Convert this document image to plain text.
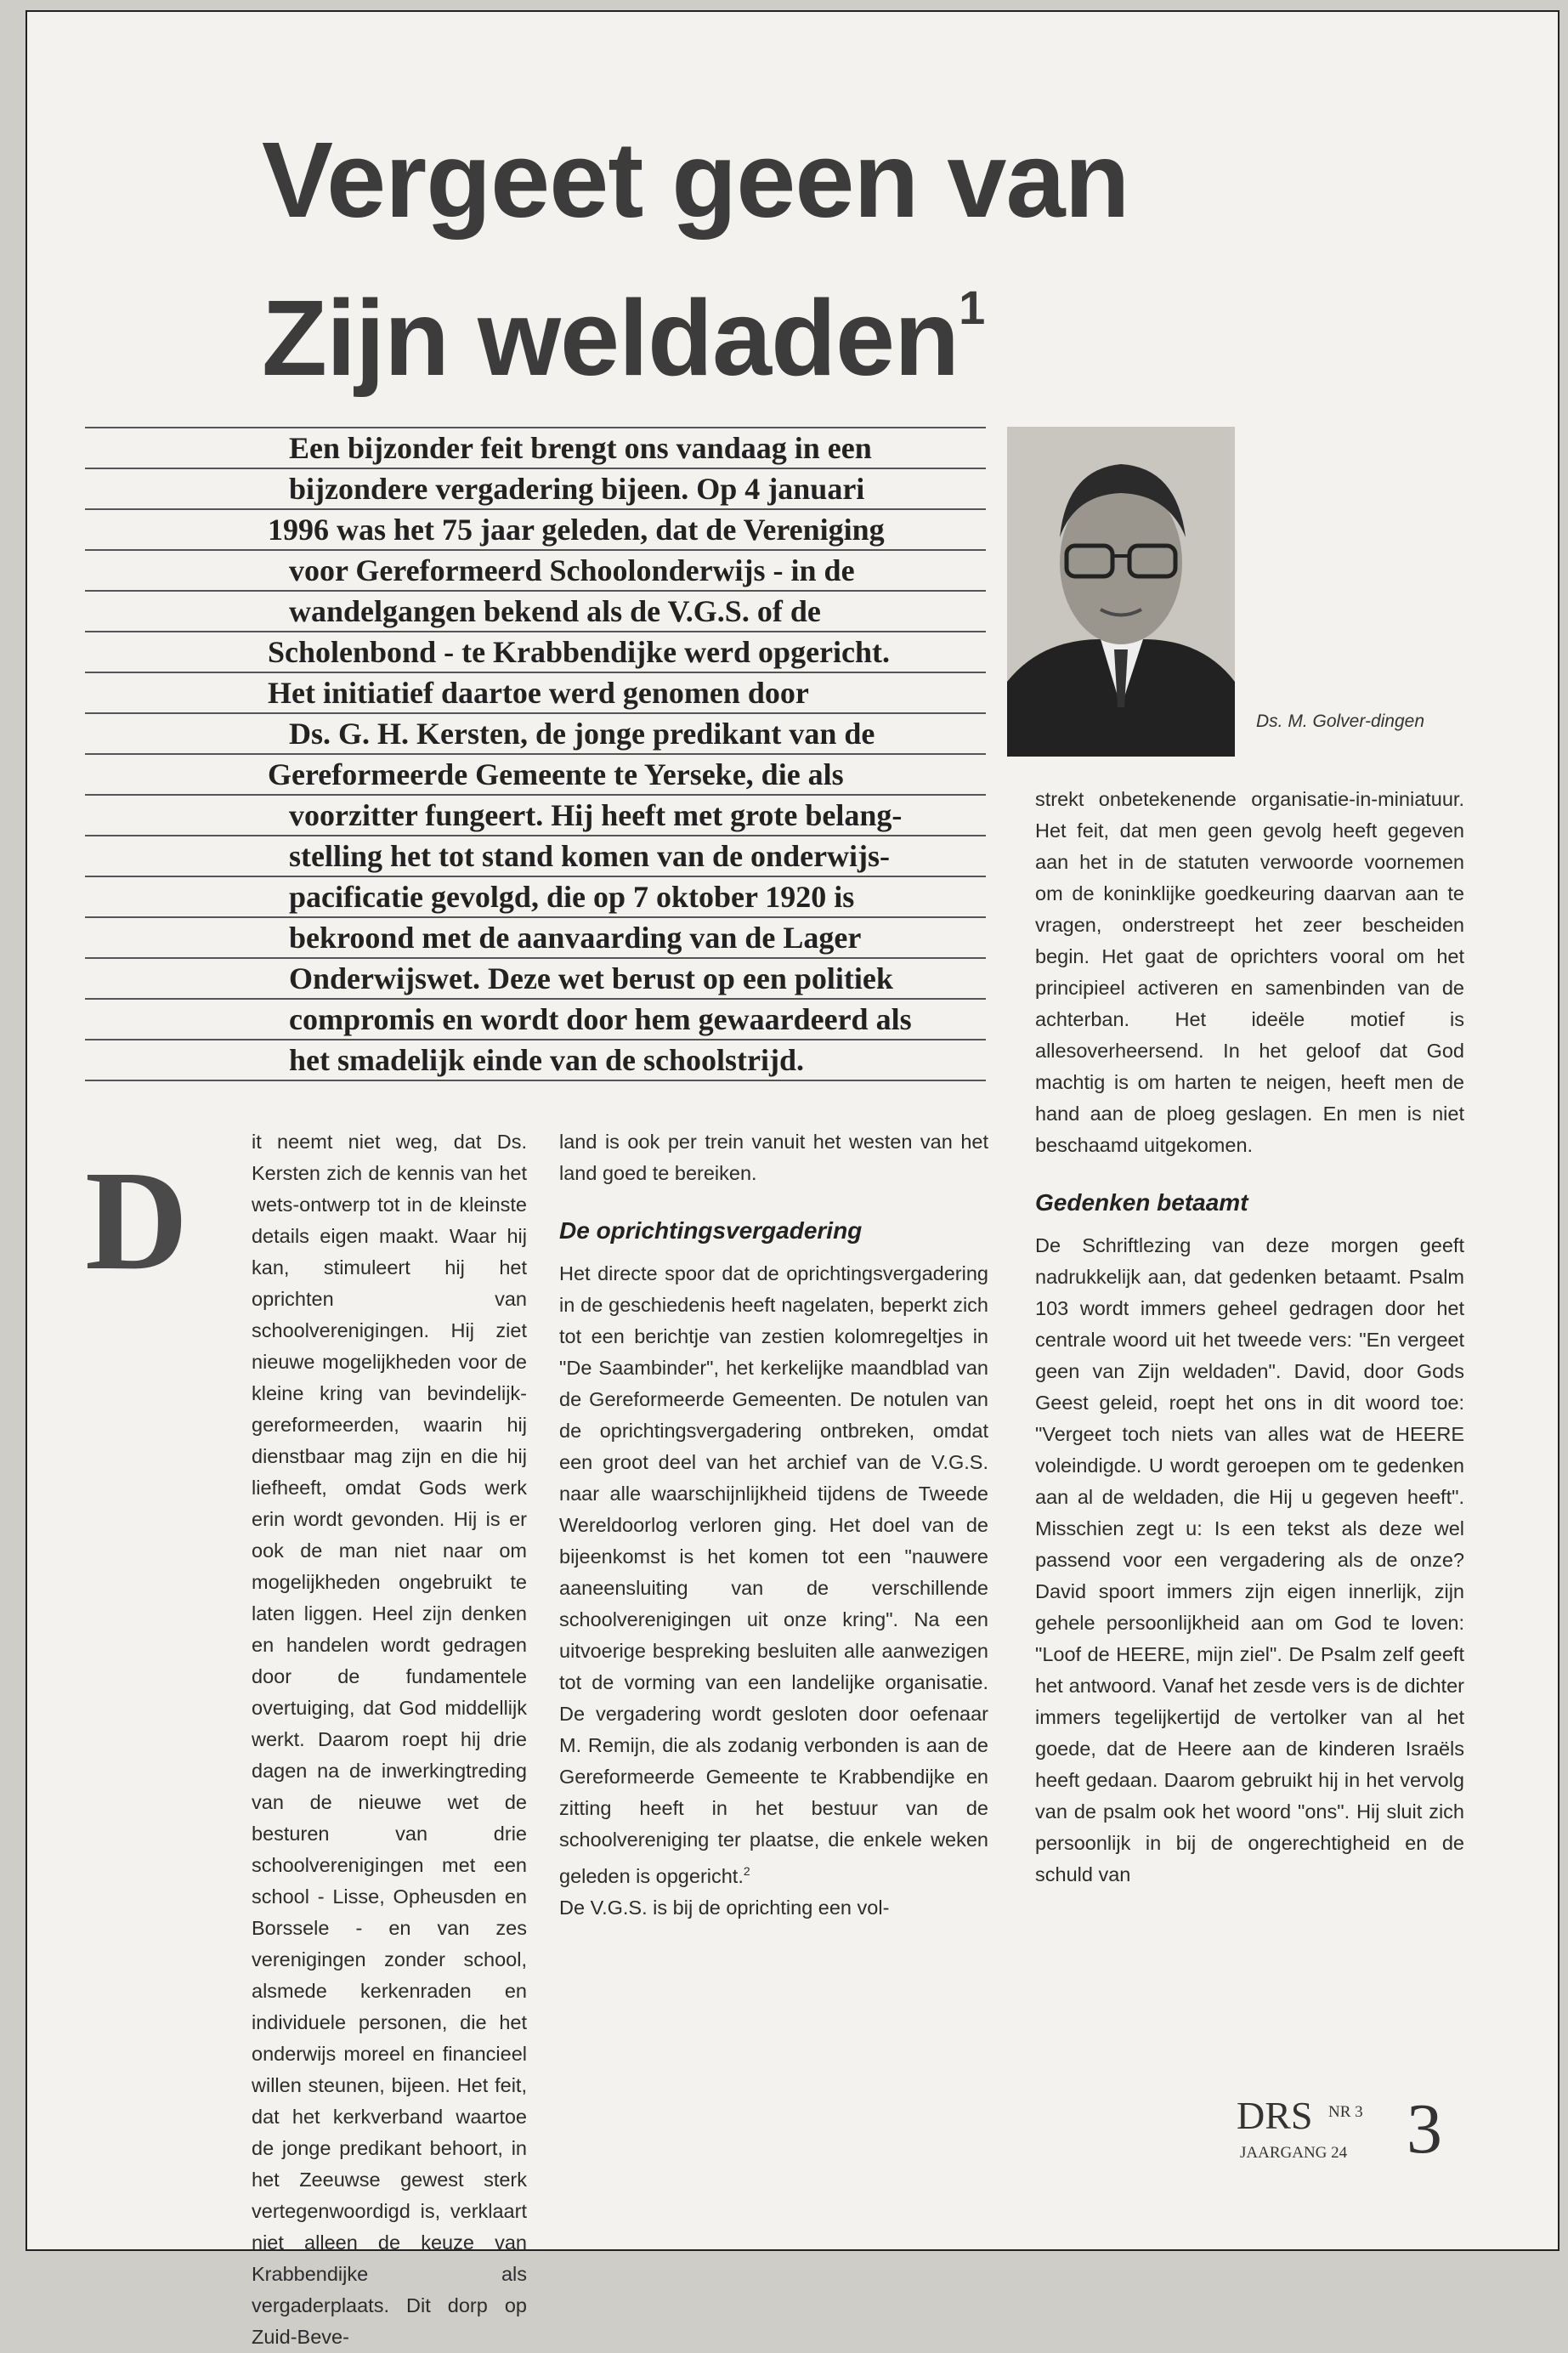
Vergeet geen van
Zijn weldaden$^1$
Een bijzonder feit brengt ons vandaag in een
bijzondere vergadering bijeen. Op 4 januari
1996 was het 75 jaar geleden, dat de Vereniging
voor Gereformeerd Schoolonderwijs - in de
wandelgangen bekend als de V.G.S. of de
Scholenbond - te Krabbendijke werd opgericht.
Het initiatief daartoe werd genomen door
Ds. G. H. Kersten, de jonge predikant van de
Gereformeerde Gemeente te Yerseke, die als
voorzitter fungeert. Hij heeft met grote belang-
stelling het tot stand komen van de onderwijs-
pacificatie gevolgd, die op 7 oktober 1920 is
bekroond met de aanvaarding van de Lager
Onderwijswet. Deze wet berust op een politiek
compromis en wordt door hem gewaardeerd als
het smadelijk einde van de schoolstrijd.
Ds. M. Golver-dingen
D	it neemt niet weg, dat Ds. Kersten zich de kennis van het wets-ontwerp tot in de kleinste details eigen maakt. Waar hij kan, stimuleert hij het oprichten van schoolverenigingen. Hij ziet nieuwe mogelijkheden voor de kleine kring van bevindelijk-gereformeerden, waarin hij dienstbaar mag zijn en die hij liefheeft, omdat Gods werk erin wordt gevonden. Hij is er ook de man niet naar om mogelijkheden ongebruikt te laten liggen. Heel zijn denken en handelen wordt gedragen door de fundamentele overtuiging, dat God middellijk werkt. Daarom roept hij drie dagen na de inwerkingtreding van de nieuwe wet de besturen van drie schoolverenigingen met een school - Lisse, Opheusden en Borssele - en van zes verenigingen zonder school, alsmede kerkenraden en individuele personen, die het onderwijs moreel en financieel willen steunen, bijeen. Het feit, dat het kerkverband waartoe de jonge predikant behoort, in het Zeeuwse gewest sterk vertegenwoordigd is, verklaart niet alleen de keuze van Krabbendijke als vergaderplaats. Dit dorp op Zuid-Beve-

land is ook per trein vanuit het westen van het land goed te bereiken.

De oprichtingsvergadering

Het directe spoor dat de oprichtingsvergadering in de geschiedenis heeft nagelaten, beperkt zich tot een berichtje van zestien kolomregeltjes in "De Saambinder", het kerkelijke maandblad van de Gereformeerde Gemeenten. De notulen van de oprichtingsvergadering ontbreken, omdat een groot deel van het archief van de V.G.S. naar alle waarschijnlijkheid tijdens de Tweede Wereldoorlog verloren ging. Het doel van de bijeenkomst is het komen tot een "nauwere aaneensluiting van de verschillende schoolverenigingen uit onze kring". Na een uitvoerige bespreking besluiten alle aanwezigen tot de vorming van een landelijke organisatie. De vergadering wordt gesloten door oefenaar M. Remijn, die als zodanig verbonden is aan de Gereformeerde Gemeente te Krabbendijke en zitting heeft in het bestuur van de schoolvereniging ter plaatse, die enkele weken geleden is opgericht.$^2$

De V.G.S. is bij de oprichting een vol-

strekt onbetekenende organisatie-in-miniatuur. Het feit, dat men geen gevolg heeft gegeven aan het in de statuten verwoorde voornemen om de koninklijke goedkeuring daarvan aan te vragen, onderstreept het zeer bescheiden begin. Het gaat de oprichters vooral om het principieel activeren en samenbinden van de achterban. Het ideële motief is allesoverheersend. In het geloof dat God machtig is om harten te neigen, heeft men de hand aan de ploeg geslagen. En men is niet beschaamd uitgekomen.

Gedenken betaamt

De Schriftlezing van deze morgen geeft nadrukkelijk aan, dat gedenken betaamt. Psalm 103 wordt immers geheel gedragen door het centrale woord uit het tweede vers: "En vergeet geen van Zijn weldaden". David, door Gods Geest geleid, roept het ons in dit woord toe: "Vergeet toch niets van alles wat de HEERE voleindigde. U wordt geroepen om te gedenken aan al de weldaden, die Hij u gegeven heeft". Misschien zegt u: Is een tekst als deze wel passend voor een vergadering als de onze? David spoort immers zijn eigen innerlijk, zijn gehele persoonlijkheid aan om God te loven: "Loof de HEERE, mijn ziel". De Psalm zelf geeft het antwoord. Vanaf het zesde vers is de dichter immers tegelijkertijd de vertolker van al het goede, dat de Heere aan de kinderen Israëls heeft gedaan. Daarom gebruikt hij in het vervolg van de psalm ook het woord "ons". Hij sluit zich persoonlijk in bij de ongerechtigheid en de schuld van

DRS NR 3
JAARGANG 24 3
